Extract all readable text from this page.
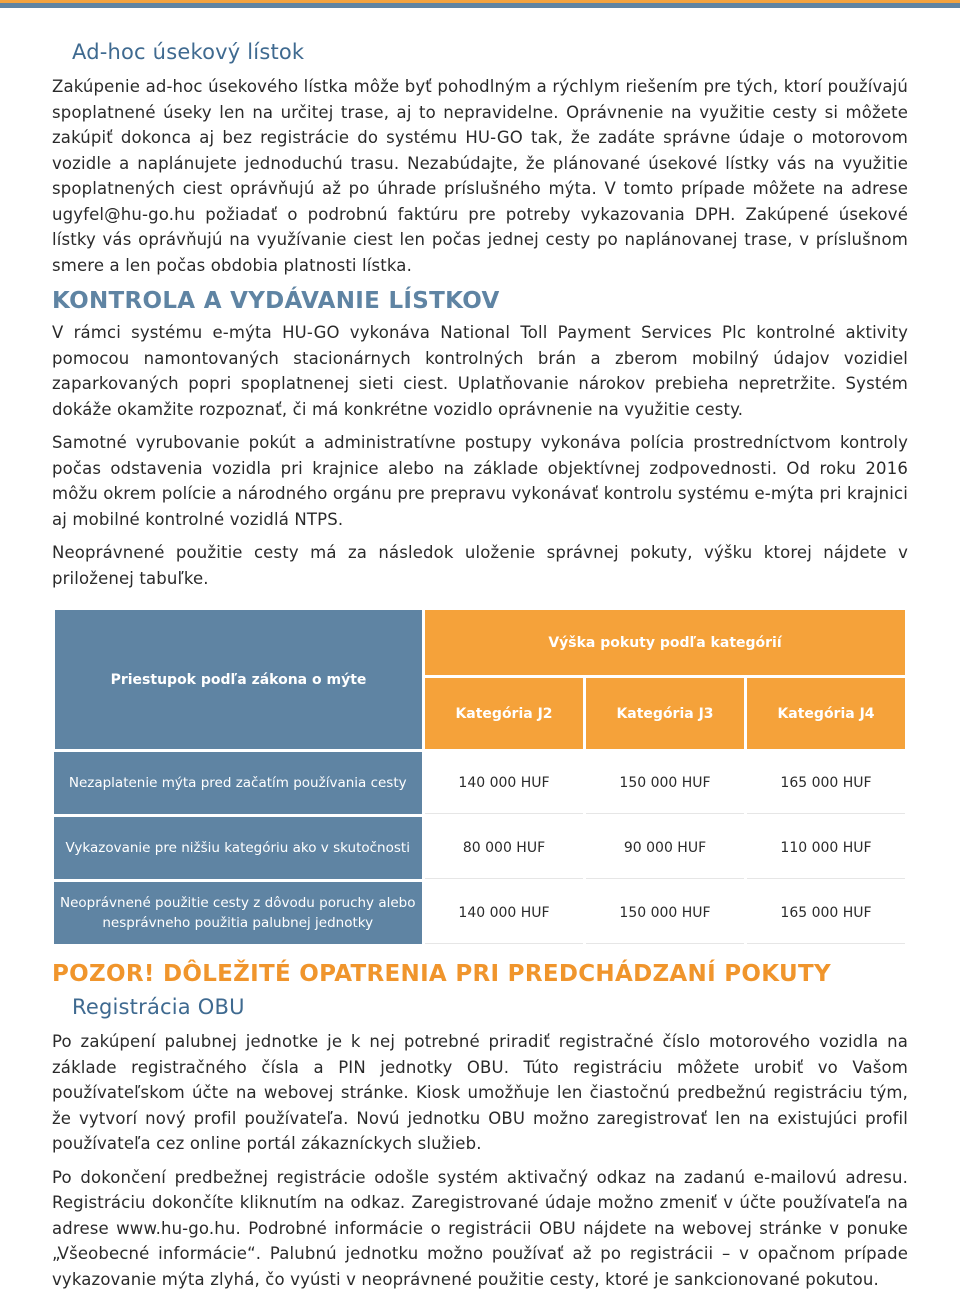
Ad-hoc úsekový lístok

Zakúpenie ad-hoc úsekového lístka môže byť pohodlným a rýchlym riešením pre tých, ktorí používajú spoplatnené úseky len na určitej trase, aj to nepravidelne. Oprávnenie na využitie cesty si môžete zakúpiť dokonca aj bez registrácie do systému HU-GO tak, že zadáte správne údaje o motorovom vozidle a naplánujete jednoduchú trasu. Nezabúdajte, že plánované úsekové lístky vás na využitie spoplatnených ciest oprávňujú až po úhrade príslušného mýta. V tomto prípade môžete na adrese ugyfel@hu-go.hu požiadať o podrobnú faktúru pre potreby vykazovania DPH. Zakúpené úsekové lístky vás oprávňujú na využívanie ciest len počas jednej cesty po naplánovanej trase, v príslušnom smere a len počas obdobia platnosti lístka.

KONTROLA A VYDÁVANIE LÍSTKOV

V rámci systému e-mýta HU-GO vykonáva National Toll Payment Services Plc kontrolné aktivity pomocou namontovaných stacionárnych kontrolných brán a zberom mobilný údajov vozidiel zaparkovaných popri spoplatnenej sieti ciest. Uplatňovanie nárokov prebieha nepretržite. Systém dokáže okamžite rozpoznať, či má konkrétne vozidlo oprávnenie na využitie cesty.

Samotné vyrubovanie pokút a administratívne postupy vykonáva polícia prostredníctvom kontroly počas odstavenia vozidla pri krajnice alebo na základe objektívnej zodpovednosti. Od roku 2016 môžu okrem polície a národného orgánu pre prepravu vykonávať kontrolu systému e-mýta pri krajnici aj mobilné kontrolné vozidlá NTPS.

Neoprávnené použitie cesty má za následok uloženie správnej pokuty, výšku ktorej nájdete v priloženej tabuľke.

Priestupok podľa zákona o mýte	Výška pokuty podľa kategórií		
	Kategória J2	Kategória J3	Kategória J4
Nezaplatenie mýta pred začatím používania cesty	140 000 HUF	150 000 HUF	165 000 HUF
Vykazovanie pre nižšiu kategóriu ako v skutočnosti	80 000 HUF	90 000 HUF	110 000 HUF
Neoprávnené použitie cesty z dôvodu poruchy alebo nesprávneho použitia palubnej jednotky	140 000 HUF	150 000 HUF	165 000 HUF
POZOR! DÔLEŽITÉ OPATRENIA PRI PREDCHÁDZANÍ POKUTY
Registrácia OBU

Po zakúpení palubnej jednotke je k nej potrebné priradiť registračné číslo motorového vozidla na základe registračného čísla a PIN jednotky OBU. Túto registráciu môžete urobiť vo Vašom používateľskom účte na webovej stránke. Kiosk umožňuje len čiastočnú predbežnú registráciu tým, že vytvorí nový profil používateľa. Novú jednotku OBU možno zaregistrovať len na existujúci profil používateľa cez online portál zákazníckych služieb.

Po dokončení predbežnej registrácie odošle systém aktivačný odkaz na zadanú e-mailovú adresu. Registráciu dokončíte kliknutím na odkaz. Zaregistrované údaje možno zmeniť v účte používateľa na adrese www.hu-go.hu. Podrobné informácie o registrácii OBU nájdete na webovej stránke v ponuke „Všeobecné informácie“. Palubnú jednotku možno používať až po registrácii – v opačnom prípade vykazovanie mýta zlyhá, čo vyústi v neoprávnené použitie cesty, ktoré je sankcionované pokutou.
